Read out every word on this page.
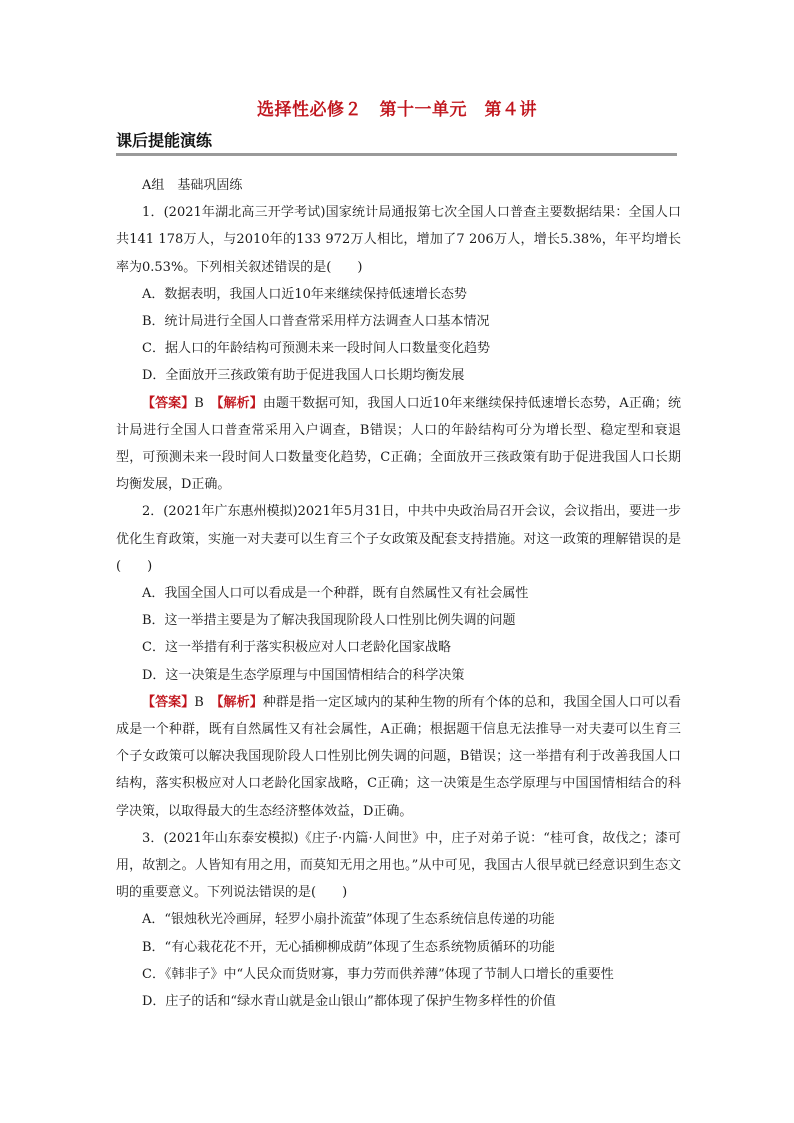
选择性必修２　第十一单元　第４讲
课后提能演练

A组　基础巩固练

1．(2021年湖北高三开学考试)国家统计局通报第七次全国人口普查主要数据结果：全国人口共141 178万人，与2010年的133 972万人相比，增加了7 206万人，增长5.38%，年平均增长率为0.53%。下列相关叙述错误的是(　　)

A．数据表明，我国人口近10年来继续保持低速增长态势

B．统计局进行全国人口普查常采用样方法调查人口基本情况

C．据人口的年龄结构可预测未来一段时间人口数量变化趋势

D．全面放开三孩政策有助于促进我国人口长期均衡发展

【答案】B　 【解析】由题干数据可知，我国人口近10年来继续保持低速增长态势，A正确；统计局进行全国人口普查常采用入户调查，B错误；人口的年龄结构可分为增长型、稳定型和衰退型，可预测未来一段时间人口数量变化趋势，C正确；全面放开三孩政策有助于促进我国人口长期均衡发展，D正确。

2．(2021年广东惠州模拟)2021年5月31日，中共中央政治局召开会议，会议指出，要进一步优化生育政策，实施一对夫妻可以生育三个子女政策及配套支持措施。对这一政策的理解错误的是(　　)

A．我国全国人口可以看成是一个种群，既有自然属性又有社会属性

B．这一举措主要是为了解决我国现阶段人口性别比例失调的问题

C．这一举措有利于落实积极应对人口老龄化国家战略

D．这一决策是生态学原理与中国国情相结合的科学决策

【答案】B　 【解析】种群是指一定区域内的某种生物的所有个体的总和，我国全国人口可以看成是一个种群，既有自然属性又有社会属性，A正确；根据题干信息无法推导一对夫妻可以生育三个子女政策可以解决我国现阶段人口性别比例失调的问题，B错误；这一举措有利于改善我国人口结构，落实积极应对人口老龄化国家战略，C正确；这一决策是生态学原理与中国国情相结合的科学决策，以取得最大的生态经济整体效益，D正确。

3．(2021年山东泰安模拟)《庄子·内篇·人间世》中，庄子对弟子说：“桂可食，故伐之；漆可用，故割之。人皆知有用之用，而莫知无用之用也。”从中可见，我国古人很早就已经意识到生态文明的重要意义。下列说法错误的是(　　)

A．“银烛秋光冷画屏，轻罗小扇扑流萤”体现了生态系统信息传递的功能

B．“有心栽花花不开，无心插柳柳成荫”体现了生态系统物质循环的功能

C．《韩非子》中“人民众而货财寡，事力劳而供养薄”体现了节制人口增长的重要性

D．庄子的话和“绿水青山就是金山银山”都体现了保护生物多样性的价值
